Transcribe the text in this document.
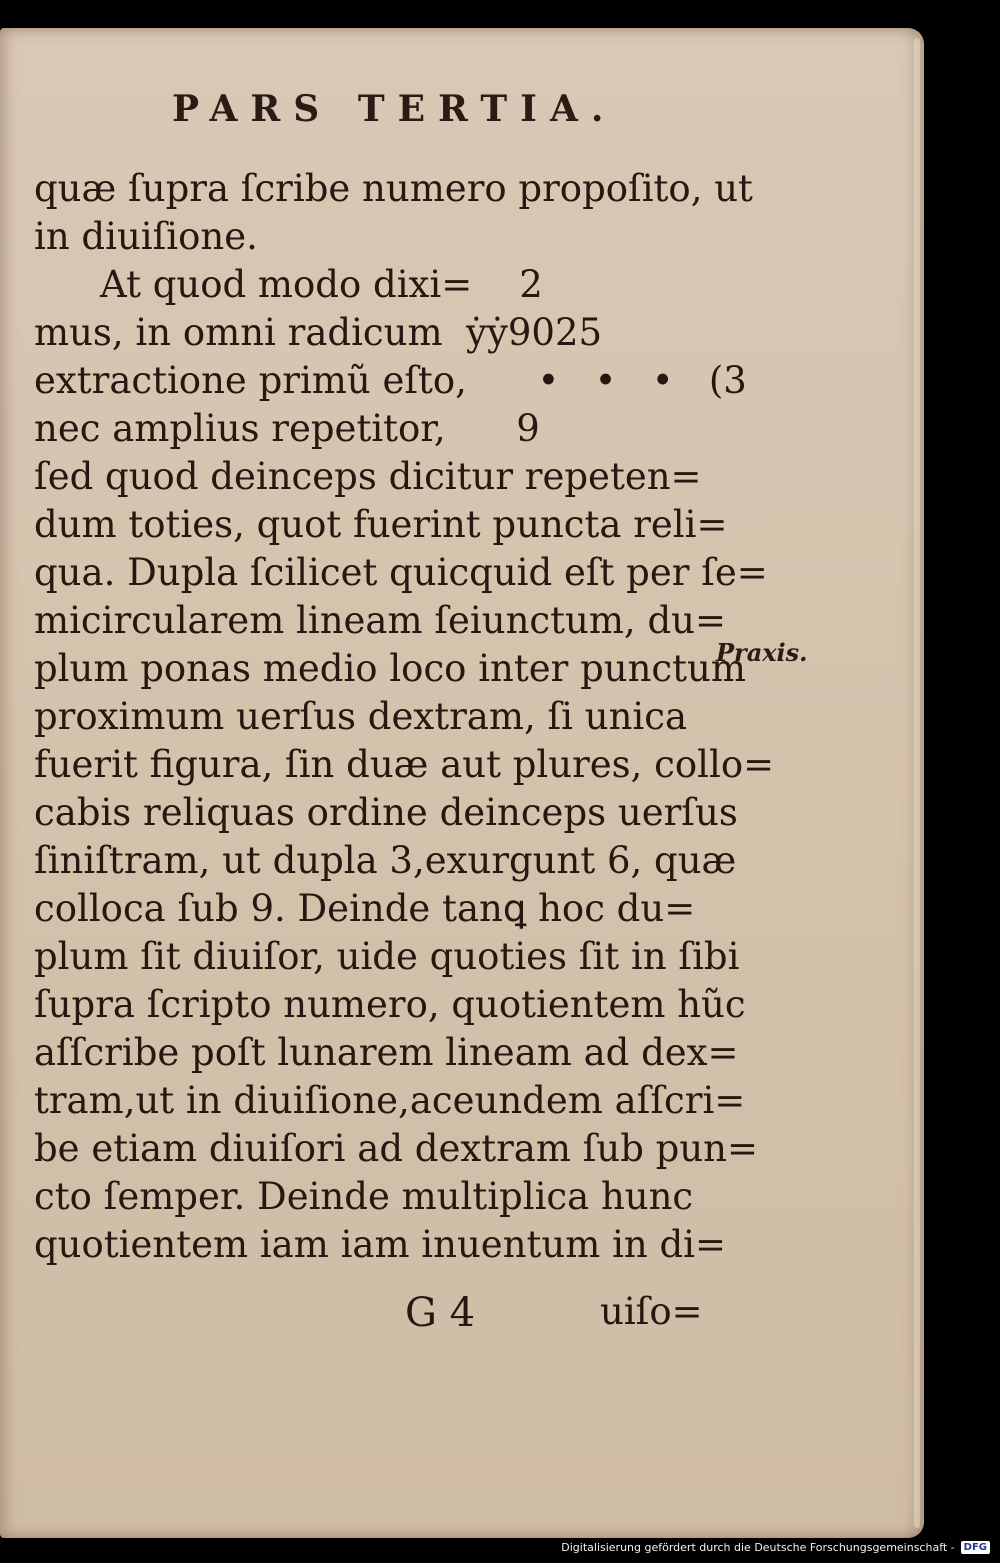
PARS TERTIA.
quæ ſupra ſcribe numero propoſito, ut
in diuiſione.
At quod modo dixi=    2
mus, in omni radicum  ẏẏ9025
extractione primũ eſto,      •   •   •   (3
nec amplius repetitor,      9
ſed quod deinceps dicitur repeten=
dum toties, quot fuerint puncta reli=
qua. Dupla ſcilicet quicquid eſt per ſe=
micircularem lineam ſeiunctum, du=
plum ponas medio loco inter punctum
proximum uerſus dextram, ſi unica
fuerit figura, ſin duæ aut plures, collo=
cabis reliquas ordine deinceps uerſus
ſiniſtram, ut dupla 3,exurgunt 6, quæ
colloca ſub 9. Deinde tanꝗ hoc du=
plum ſit diuiſor, uide quoties ſit in ſibi
ſupra ſcripto numero, quotientem hũc
aſſcribe poſt lunarem lineam ad dex=
tram,ut in diuiſione,aceundem aſſcri=
be etiam diuiſori ad dextram ſub pun=
cto ſemper. Deinde multiplica hunc
quotientem iam iam inuentum in di=
Praxis.
G 4	uiſo=
Digitalisierung gefördert durch die Deutsche Forschungsgemeinschaft - DFG
